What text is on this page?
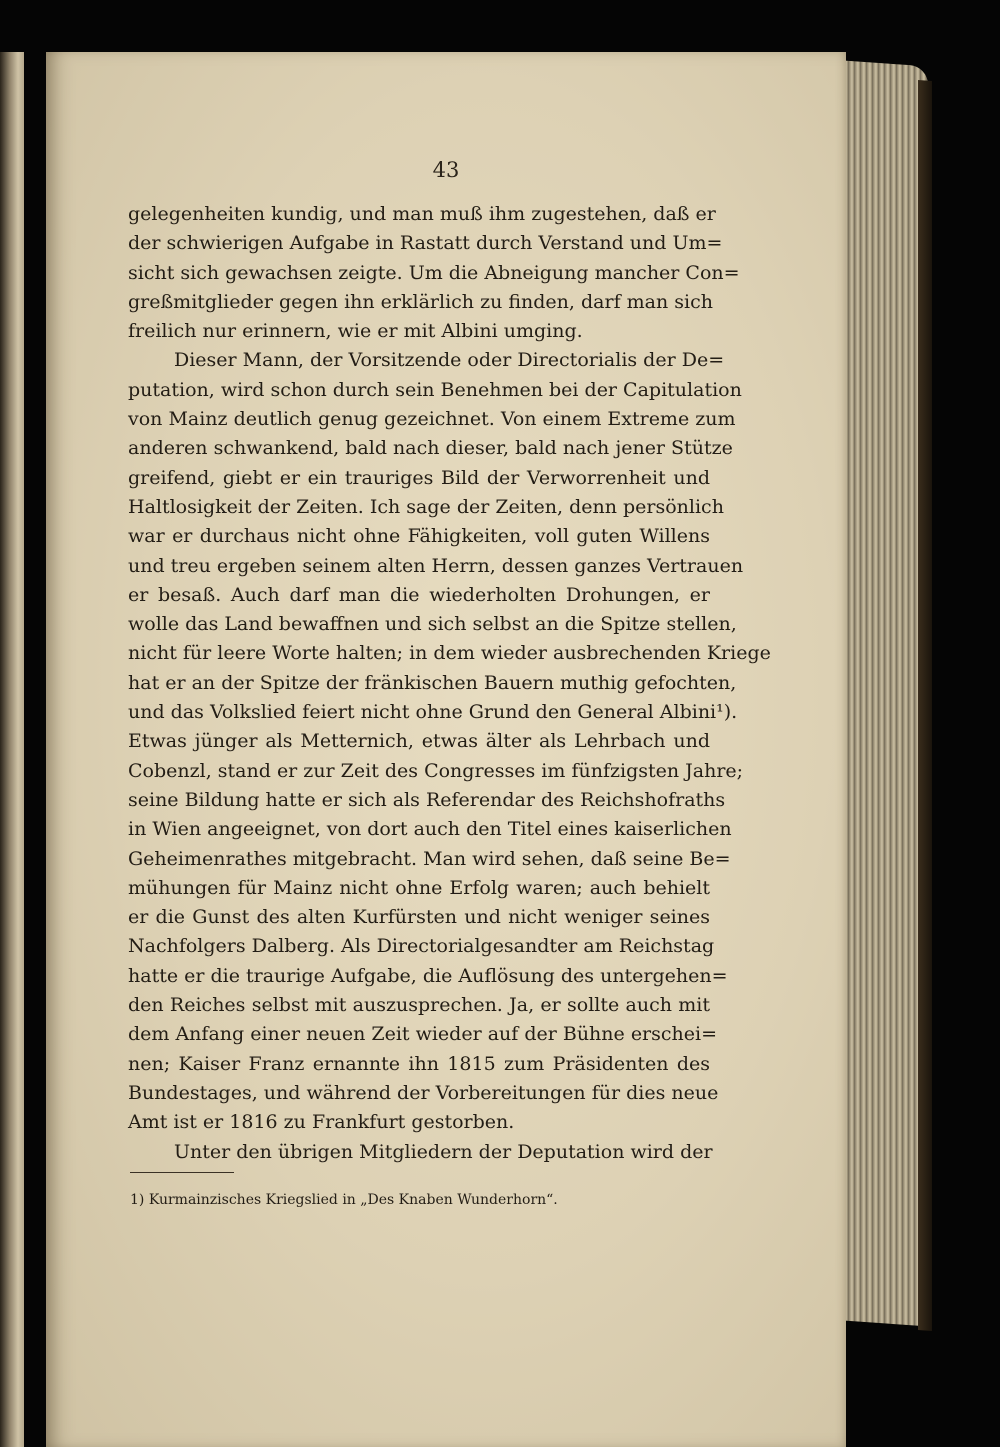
43
gelegenheiten kundig, und man muß ihm zugestehen, daß er
der schwierigen Aufgabe in Rastatt durch Verstand und Um=
sicht sich gewachsen zeigte. Um die Abneigung mancher Con=
greßmitglieder gegen ihn erklärlich zu finden, darf man sich
freilich nur erinnern, wie er mit Albini umging.
Dieser Mann, der Vorsitzende oder Directorialis der De=
putation, wird schon durch sein Benehmen bei der Capitulation
von Mainz deutlich genug gezeichnet. Von einem Extreme zum
anderen schwankend, bald nach dieser, bald nach jener Stütze
greifend, giebt er ein trauriges Bild der Verworrenheit und
Haltlosigkeit der Zeiten. Ich sage der Zeiten, denn persönlich
war er durchaus nicht ohne Fähigkeiten, voll guten Willens
und treu ergeben seinem alten Herrn, dessen ganzes Vertrauen
er besaß. Auch darf man die wiederholten Drohungen, er
wolle das Land bewaffnen und sich selbst an die Spitze stellen,
nicht für leere Worte halten; in dem wieder ausbrechenden Kriege
hat er an der Spitze der fränkischen Bauern muthig gefochten,
und das Volkslied feiert nicht ohne Grund den General Albini¹).
Etwas jünger als Metternich, etwas älter als Lehrbach und
Cobenzl, stand er zur Zeit des Congresses im fünfzigsten Jahre;
seine Bildung hatte er sich als Referendar des Reichshofraths
in Wien angeeignet, von dort auch den Titel eines kaiserlichen
Geheimenrathes mitgebracht. Man wird sehen, daß seine Be=
mühungen für Mainz nicht ohne Erfolg waren; auch behielt
er die Gunst des alten Kurfürsten und nicht weniger seines
Nachfolgers Dalberg. Als Directorialgesandter am Reichstag
hatte er die traurige Aufgabe, die Auflösung des untergehen=
den Reiches selbst mit auszusprechen. Ja, er sollte auch mit
dem Anfang einer neuen Zeit wieder auf der Bühne erschei=
nen; Kaiser Franz ernannte ihn 1815 zum Präsidenten des
Bundestages, und während der Vorbereitungen für dies neue
Amt ist er 1816 zu Frankfurt gestorben.
Unter den übrigen Mitgliedern der Deputation wird der
1) Kurmainzisches Kriegslied in „Des Knaben Wunderhorn“.
